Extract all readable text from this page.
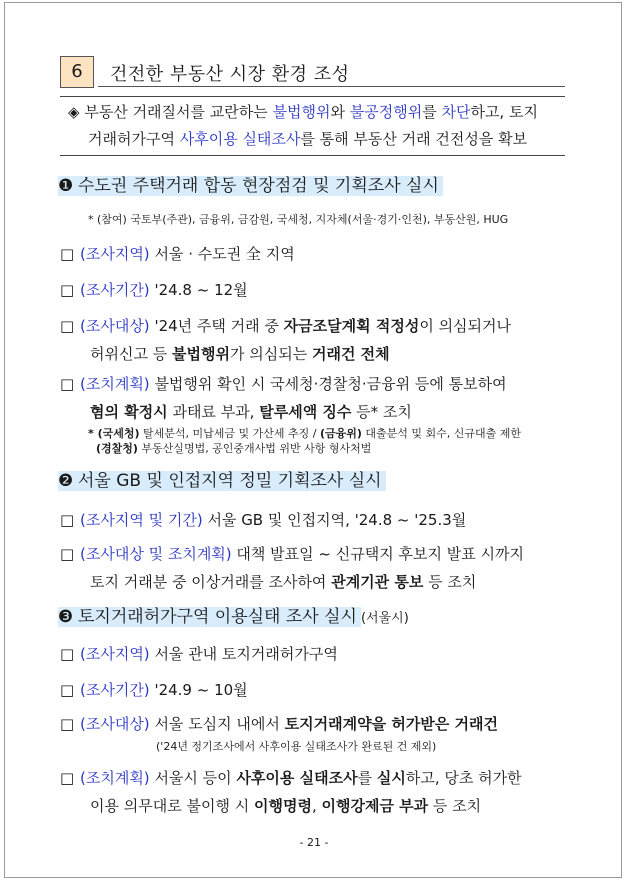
6	건전한 부동산 시장 환경 조성
◈ 부동산 거래질서를 교란하는 불법행위와 불공정행위를 차단하고, 토지
거래허가구역 사후이용 실태조사를 통해 부동산 거래 건전성을 확보
❶ 수도권 주택거래 합동 현장점검 및 기획조사 실시
* (참여) 국토부(주관), 금융위, 금감원, 국세청, 지자체(서울·경기·인천), 부동산원, HUG
□ (조사지역) 서울 · 수도권 全 지역
□ (조사기간) '24.8 ~ 12월
□ (조사대상) '24년 주택 거래 중 자금조달계획 적정성이 의심되거나
허위신고 등 불법행위가 의심되는 거래건 전체
□ (조치계획) 불법행위 확인 시 국세청·경찰청·금융위 등에 통보하여
혐의 확정시 과태료 부과, 탈루세액 징수 등* 조치
* (국세청) 탈세분석, 미납세금 및 가산세 추징 / (금융위) 대출분석 및 회수, 신규대출 제한
(경찰청) 부동산실명법, 공인중개사법 위반 사항 형사처벌
❷ 서울 GB 및 인접지역 정밀 기획조사 실시
□ (조사지역 및 기간) 서울 GB 및 인접지역, '24.8 ~ '25.3월
□ (조사대상 및 조치계획) 대책 발표일 ~ 신규택지 후보지 발표 시까지
토지 거래분 중 이상거래를 조사하여 관계기관 통보 등 조치
❸ 토지거래허가구역 이용실태 조사 실시 (서울시)
□ (조사지역) 서울 관내 토지거래허가구역
□ (조사기간) '24.9 ~ 10월
□ (조사대상) 서울 도심지 내에서 토지거래계약을 허가받은 거래건
('24년 정기조사에서 사후이용 실태조사가 완료된 건 제외)
□ (조치계획) 서울시 등이 사후이용 실태조사를 실시하고, 당초 허가한
이용 의무대로 불이행 시 이행명령, 이행강제금 부과 등 조치
- 21 -
